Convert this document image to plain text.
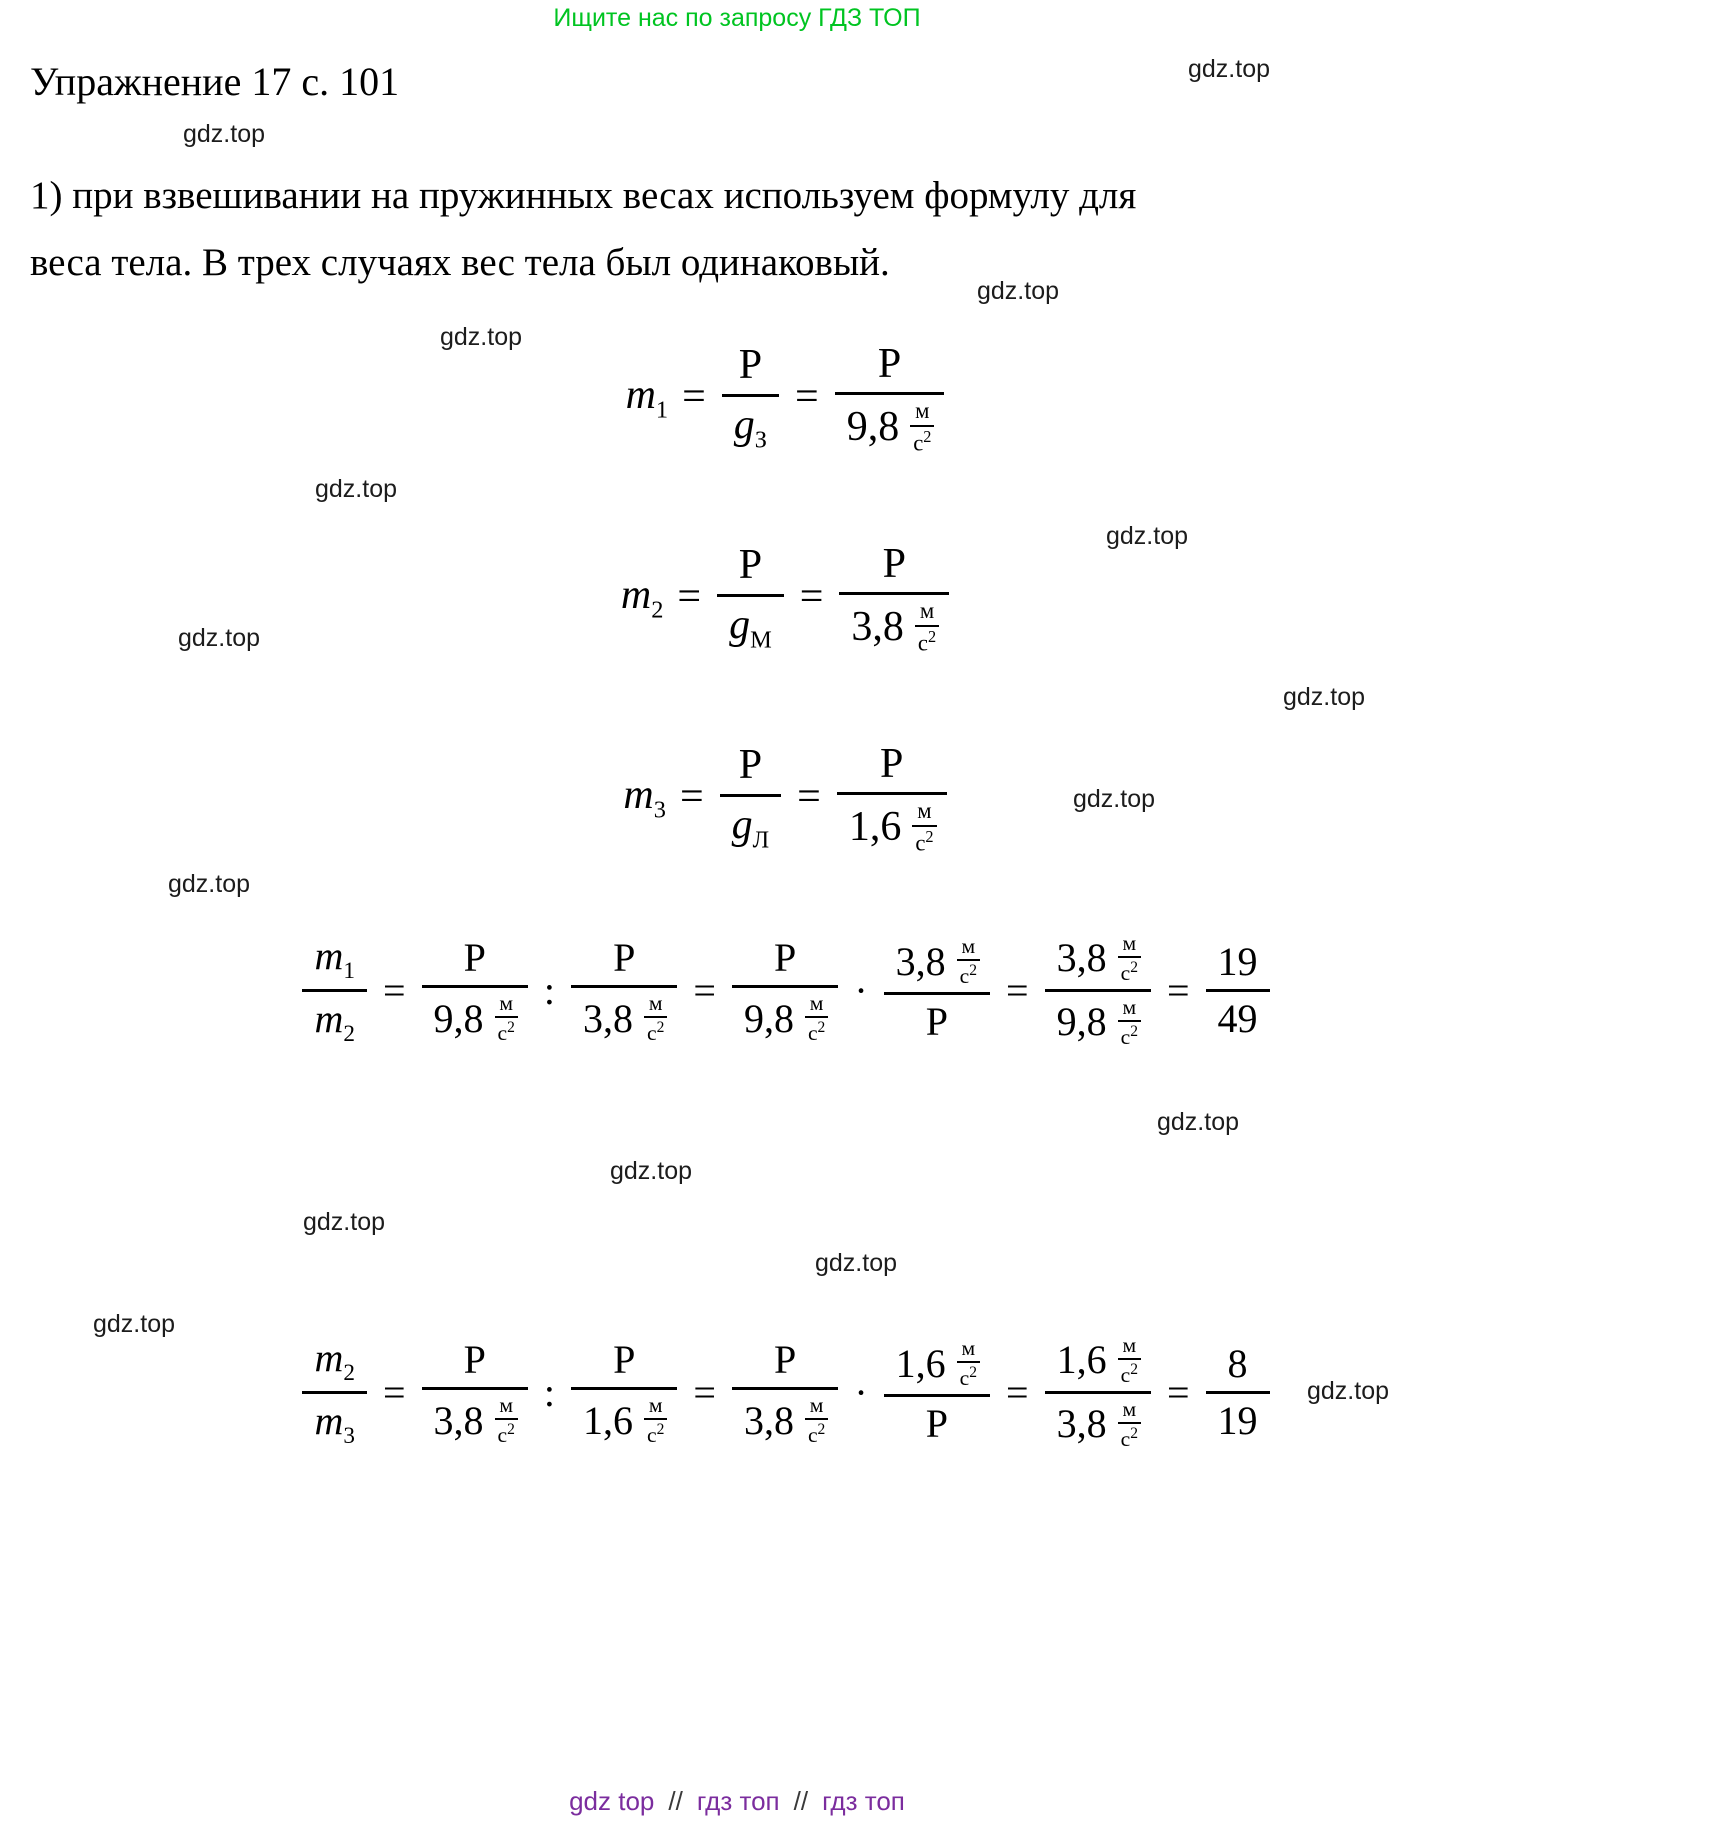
Ищите нас по запросу ГДЗ ТОП
Упражнение 17 с. 101
1) при взвешивании на пружинных весах используем формулу для
веса тела. В трех случаях вес тела был одинаковый.
gdz.top
gdz.top
gdz.top
gdz.top
gdz.top
gdz.top
gdz.top
gdz.top
gdz.top
gdz.top
gdz.top
gdz.top
gdz.top
gdz.top
gdz.top
gdz.top
$m_1 = \frac{P}{g_З} = P$
9,8 м
$с^2$
$m_2 = \frac{P}{g_М} = P$
3,8 м
$с^2$
$m_3 = \frac{P}{g_Л} = P$
1,6 м
$с^2$
$\frac{m_1}{m_2} = P$
9,8 м
$с^2$ : P
3,8 м
$с^2 = P$
9,8 м
$с^2 \cdot 3,8$ м
$с^2$
P = 3,8 м
$с^2$
9,8 м
$с^2 = \frac{19}{49}$
$\frac{m_2}{m_3} = P$
3,8 м
$с^2$ : P
1,6 м
$с^2 = P$
3,8 м
$с^2 \cdot 1,6$ м
$с^2$
P = 1,6 м
$с^2$
3,8 м
$с^2 = \frac{8}{19}$
gdz top // гдз топ // гдз топ
